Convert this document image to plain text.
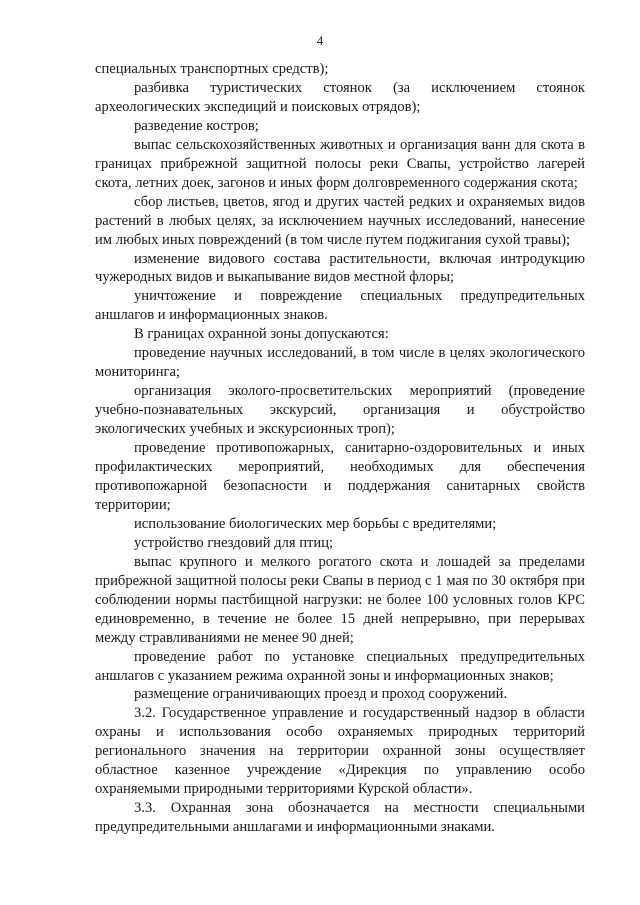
4

специальных транспортных средств);

разбивка туристических стоянок (за исключением стоянок археологических экспедиций и поисковых отрядов);

разведение костров;

выпас сельскохозяйственных животных и организация ванн для скота в границах прибрежной защитной полосы реки Свапы, устройство лагерей скота, летних доек, загонов и иных форм долговременного содержания скота;

сбор листьев, цветов, ягод и других частей редких и охраняемых видов растений в любых целях, за исключением научных исследований, нанесение им любых иных повреждений (в том числе путем поджигания сухой травы);

изменение видового состава растительности, включая интродукцию чужеродных видов и выкапывание видов местной флоры;

уничтожение и повреждение специальных предупредительных аншлагов и информационных знаков.

В границах охранной зоны допускаются:

проведение научных исследований, в том числе в целях экологического мониторинга;

организация эколого-просветительских мероприятий (проведение учебно-познавательных экскурсий, организация и обустройство экологических учебных и экскурсионных троп);

проведение противопожарных, санитарно-оздоровительных и иных профилактических мероприятий, необходимых для обеспечения противопожарной безопасности и поддержания санитарных свойств территории;

использование биологических мер борьбы с вредителями;

устройство гнездовий для птиц;

выпас крупного и мелкого рогатого скота и лошадей за пределами прибрежной защитной полосы реки Свапы в период с 1 мая по 30 октября при соблюдении нормы пастбищной нагрузки: не более 100 условных голов КРС единовременно, в течение не более 15 дней непрерывно, при перерывах между стравливаниями не менее 90 дней;

проведение работ по установке специальных предупредительных аншлагов с указанием режима охранной зоны и информационных знаков;

размещение ограничивающих проезд и проход сооружений.

3.2. Государственное управление и государственный надзор в области охраны и использования особо охраняемых природных территорий регионального значения на территории охранной зоны осуществляет областное казенное учреждение «Дирекция по управлению особо охраняемыми природными территориями Курской области».

3.3. Охранная зона обозначается на местности специальными предупредительными аншлагами и информационными знаками.
